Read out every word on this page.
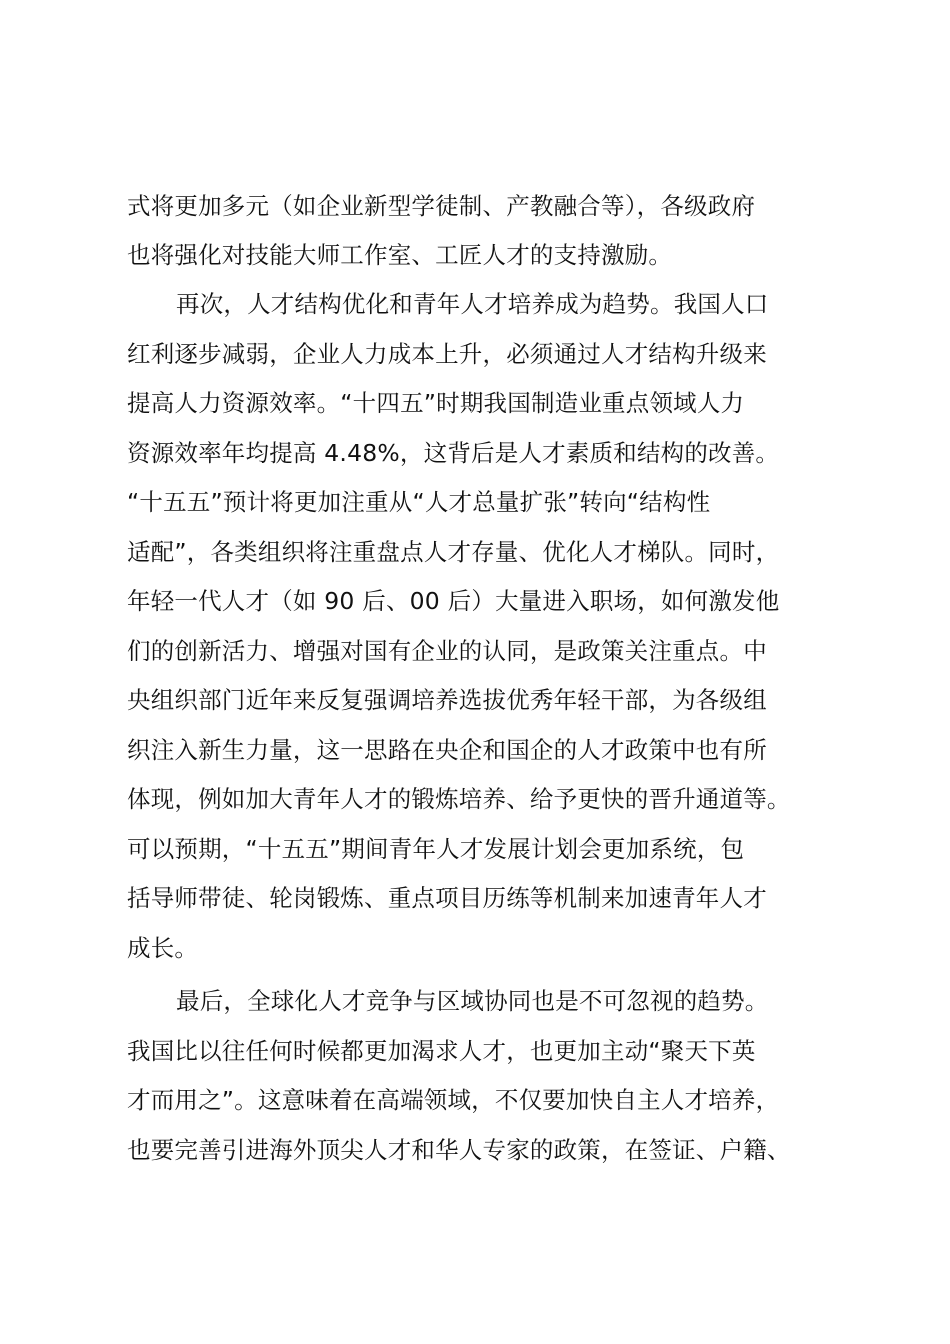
式将更加多元（如企业新型学徒制、产教融合等），各级政府
也将强化对技能大师工作室、工匠人才的支持激励。
再次，人才结构优化和青年人才培养成为趋势。我国人口
红利逐步减弱，企业人力成本上升，必须通过人才结构升级来
提高人力资源效率。“十四五”时期我国制造业重点领域人力
资源效率年均提高 4.48%，这背后是人才素质和结构的改善。
“十五五”预计将更加注重从“人才总量扩张”转向“结构性
适配”，各类组织将注重盘点人才存量、优化人才梯队。同时，
年轻一代人才（如 90 后、00 后）大量进入职场，如何激发他
们的创新活力、增强对国有企业的认同，是政策关注重点。中
央组织部门近年来反复强调培养选拔优秀年轻干部，为各级组
织注入新生力量，这一思路在央企和国企的人才政策中也有所
体现，例如加大青年人才的锻炼培养、给予更快的晋升通道等。
可以预期，“十五五”期间青年人才发展计划会更加系统，包
括导师带徒、轮岗锻炼、重点项目历练等机制来加速青年人才
成长。
最后，全球化人才竞争与区域协同也是不可忽视的趋势。
我国比以往任何时候都更加渴求人才，也更加主动“聚天下英
才而用之”。这意味着在高端领域，不仅要加快自主人才培养，
也要完善引进海外顶尖人才和华人专家的政策，在签证、户籍、
